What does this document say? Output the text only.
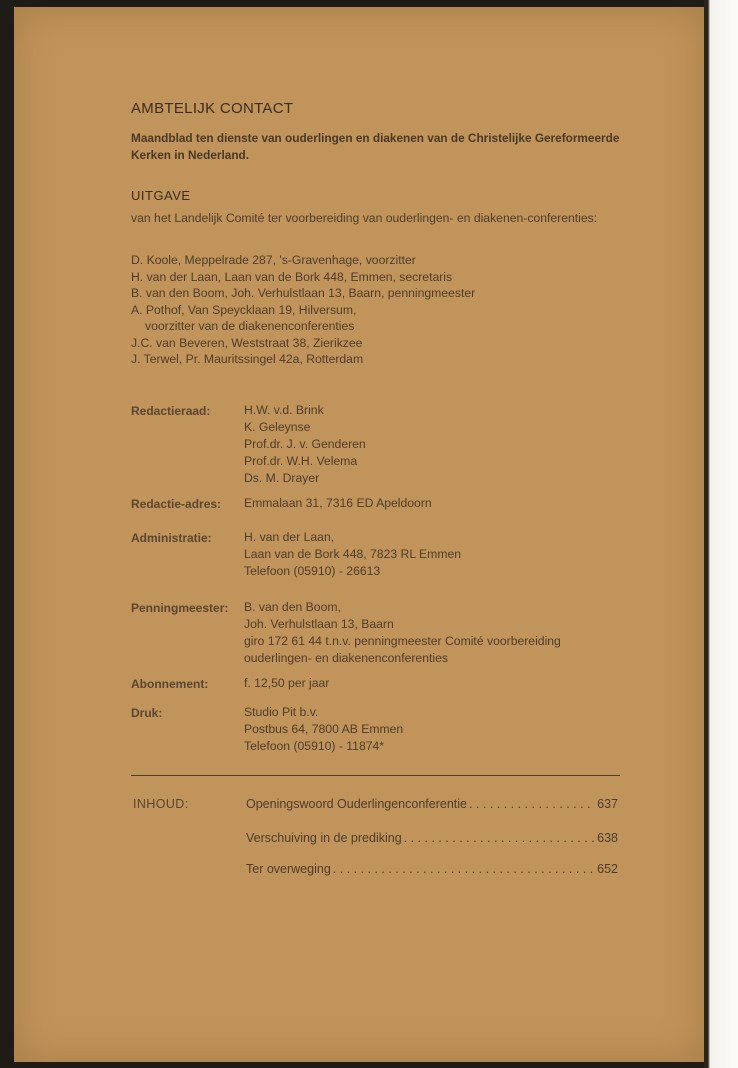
AMBTELIJK CONTACT
Maandblad ten dienste van ouderlingen en diakenen van de Christelijke Gereformeerde Kerken in Nederland.
UITGAVE
van het Landelijk Comité ter voorbereiding van ouderlingen- en diakenen-conferenties:
D. Koole, Meppelrade 287, 's-Gravenhage, voorzitter
H. van der Laan, Laan van de Bork 448, Emmen, secretaris
B. van den Boom, Joh. Verhulstlaan 13, Baarn, penningmeester
A. Pothof, Van Speycklaan 19, Hilversum,
voorzitter van de diakenenconferenties
J.C. van Beveren, Weststraat 38, Zierikzee
J. Terwel, Pr. Mauritssingel 42a, Rotterdam
Redactieraad:	H.W. v.d. Brink
K. Geleynse
Prof.dr. J. v. Genderen
Prof.dr. W.H. Velema
Ds. M. Drayer
Redactie-adres: Emmalaan 31, 7316 ED Apeldoorn
Administratie:	H. van der Laan,
Laan van de Bork 448, 7823 RL Emmen
Telefoon (05910) - 26613
Penningmeester: B. van den Boom,
Joh. Verhulstlaan 13, Baarn
giro 172 61 44 t.n.v. penningmeester Comité voorbereiding
ouderlingen- en diakenenconferenties
Abonnement:	f. 12,50 per jaar
Druk:	Studio Pit b.v.
Postbus 64, 7800 AB Emmen
Telefoon (05910) - 11874*
INHOUD:	Openingswoord Ouderlingenconferentie . . .	637
Verschuiving in de prediking . . .	638
Ter overweging . . .	652
